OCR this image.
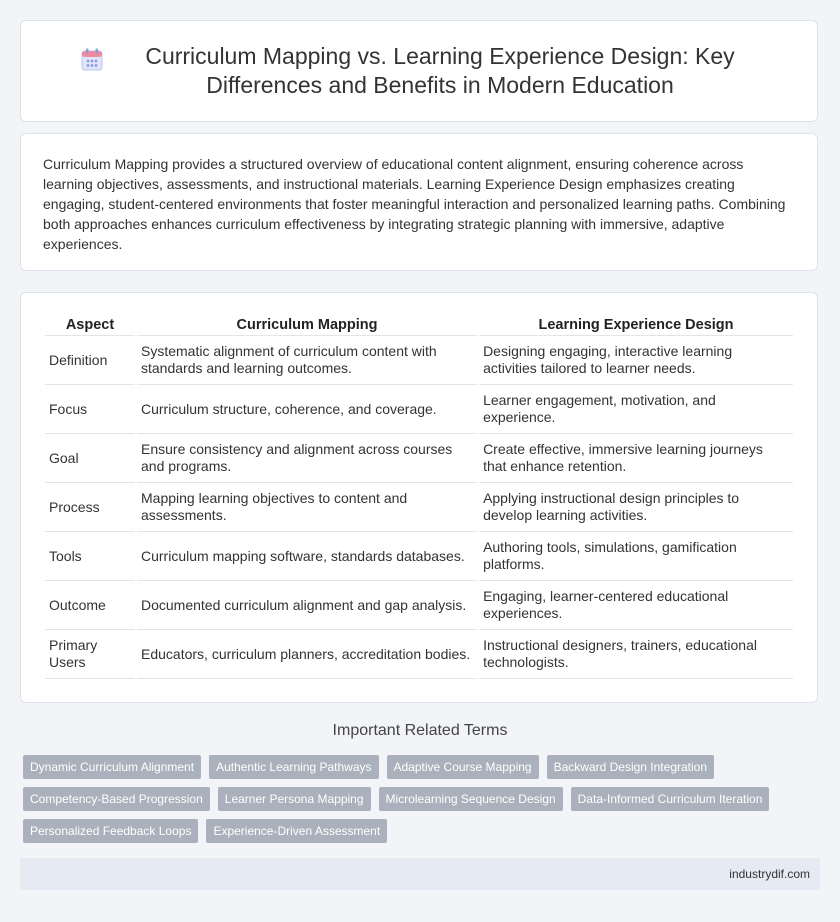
Curriculum Mapping vs. Learning Experience Design: Key Differences and Benefits in Modern Education

Curriculum Mapping provides a structured overview of educational content alignment, ensuring coherence across learning objectives, assessments, and instructional materials. Learning Experience Design emphasizes creating engaging, student-centered environments that foster meaningful interaction and personalized learning paths. Combining both approaches enhances curriculum effectiveness by integrating strategic planning with immersive, adaptive experiences.

Aspect	Curriculum Mapping	Learning Experience Design
Definition	Systematic alignment of curriculum content with standards and learning outcomes.	Designing engaging, interactive learning activities tailored to learner needs.
Focus	Curriculum structure, coherence, and coverage.	Learner engagement, motivation, and experience.
Goal	Ensure consistency and alignment across courses and programs.	Create effective, immersive learning journeys that enhance retention.
Process	Mapping learning objectives to content and assessments.	Applying instructional design principles to develop learning activities.
Tools	Curriculum mapping software, standards databases.	Authoring tools, simulations, gamification platforms.
Outcome	Documented curriculum alignment and gap analysis.	Engaging, learner-centered educational experiences.
Primary Users	Educators, curriculum planners, accreditation bodies.	Instructional designers, trainers, educational technologists.
Important Related Terms
Dynamic Curriculum Alignment	Authentic Learning Pathways	Adaptive Course Mapping	Backward Design Integration
Competency-Based Progression	Learner Persona Mapping	Microlearning Sequence Design	Data-Informed Curriculum Iteration
Personalized Feedback Loops	Experience-Driven Assessment
industrydif.com
